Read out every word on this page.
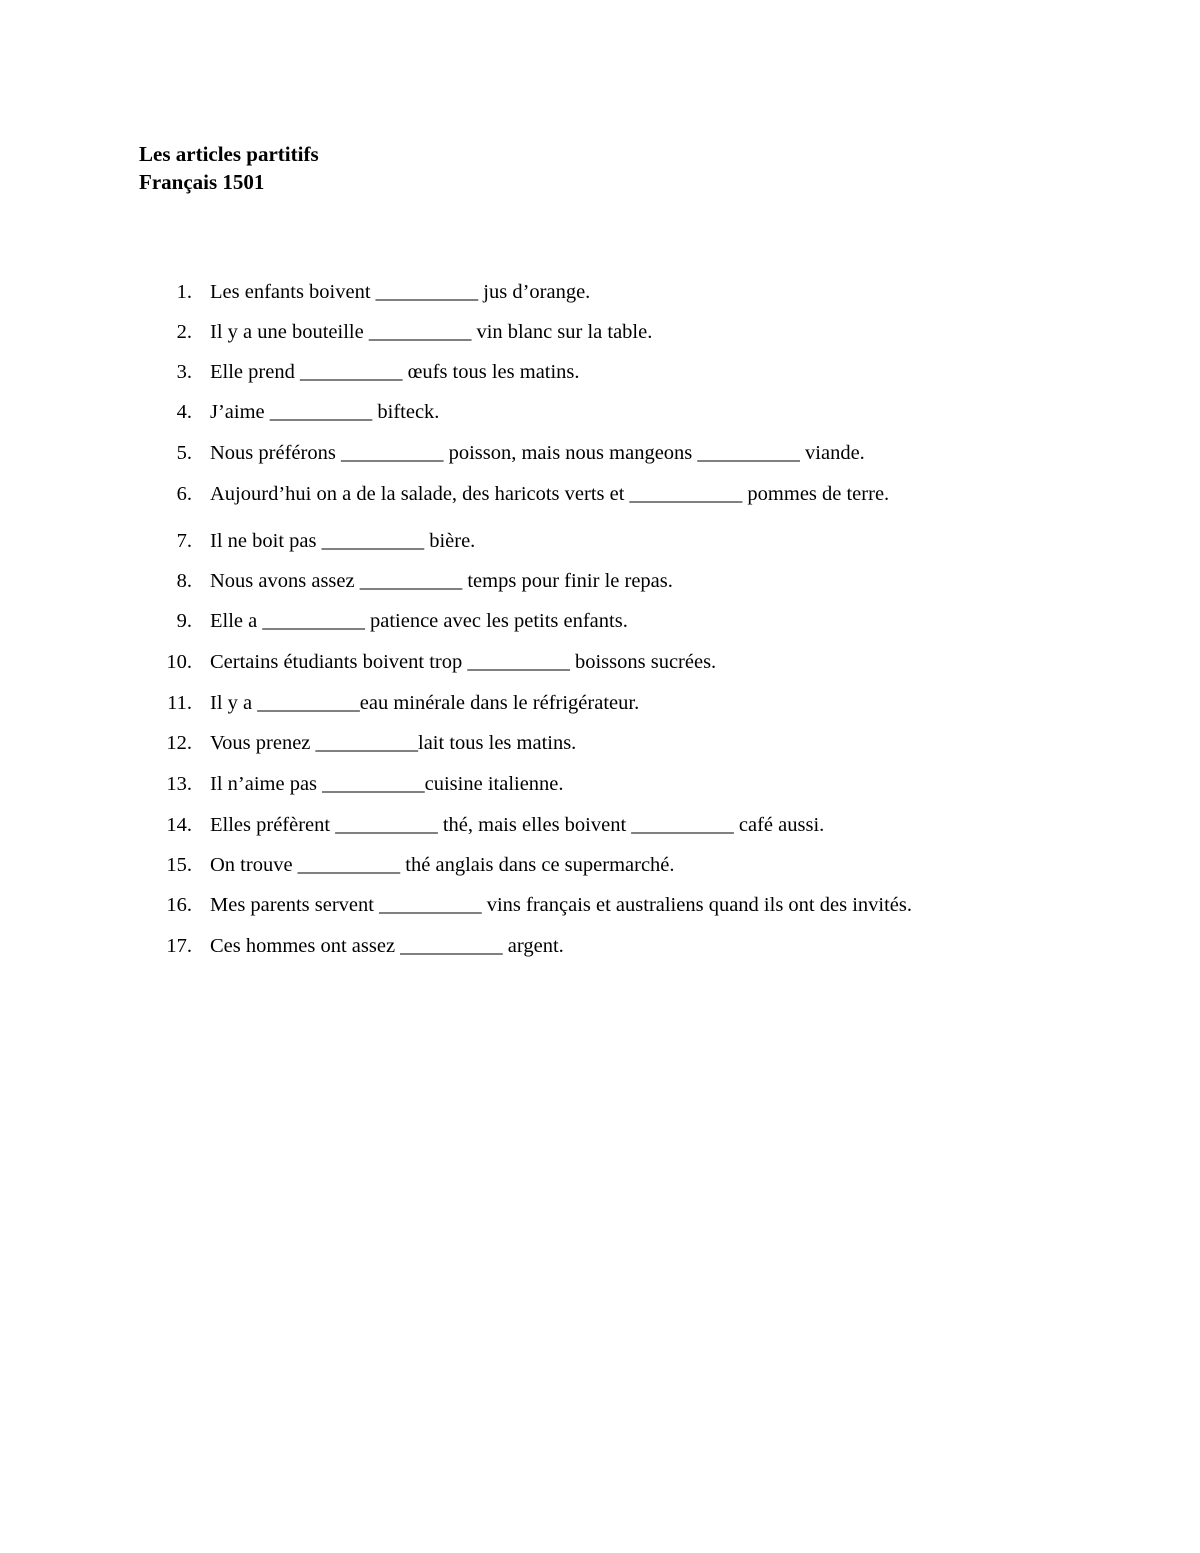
Les articles partitifs
Français 1501
1. Les enfants boivent __________ jus d’orange.
2. Il y a une bouteille __________ vin blanc sur la table.
3. Elle prend __________ œufs tous les matins.
4. J’aime __________ bifteck.
5. Nous préférons __________ poisson, mais nous mangeons __________ viande.
6. Aujourd’hui on a de la salade, des haricots verts et ___________ pommes de terre.
7. Il ne boit pas __________ bière.
8. Nous avons assez __________ temps pour finir le repas.
9. Elle a __________ patience avec les petits enfants.
10. Certains étudiants boivent trop __________ boissons sucrées.
11. Il y a __________eau minérale dans le réfrigérateur.
12. Vous prenez __________lait tous les matins.
13. Il n’aime pas __________cuisine italienne.
14. Elles préfèrent __________ thé, mais elles boivent __________ café aussi.
15. On trouve __________ thé anglais dans ce supermarché.
16. Mes parents servent __________ vins français et australiens quand ils ont des invités.
17. Ces hommes ont assez __________ argent.
